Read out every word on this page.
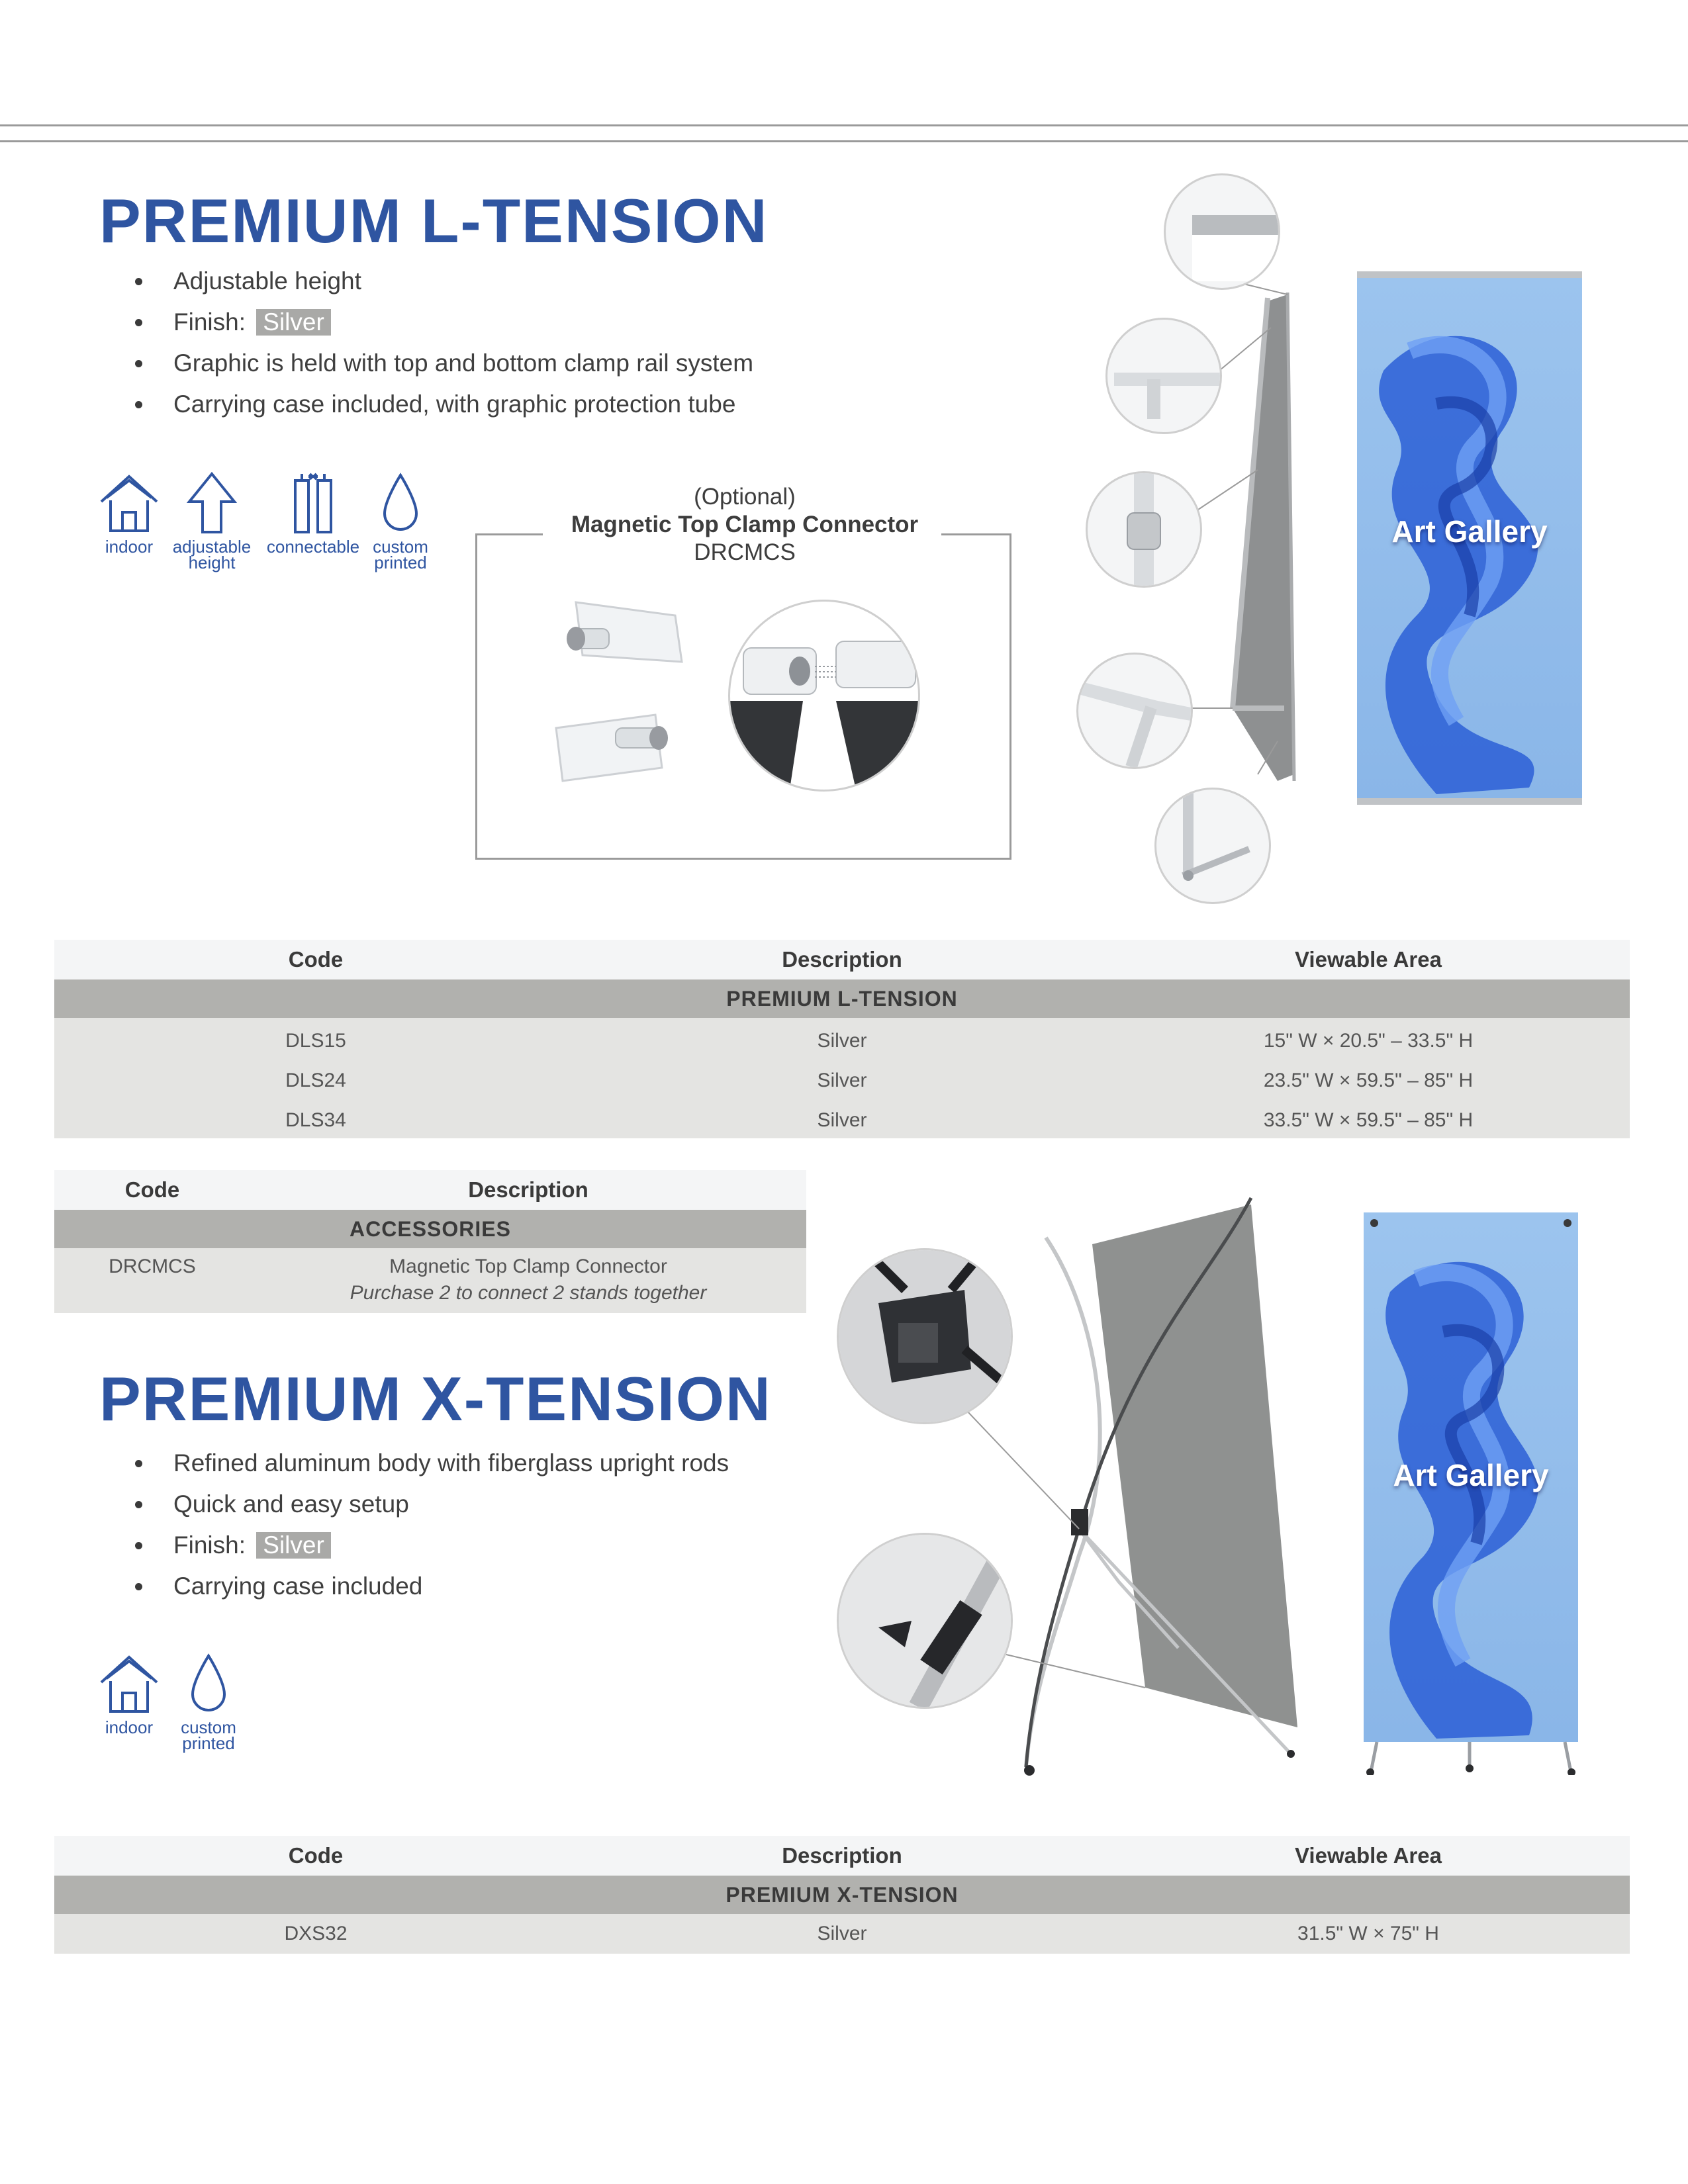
PREMIUM L-TENSION
Adjustable height
Finish: Silver
Graphic is held with top and bottom clamp rail system
Carrying case included, with graphic protection tube
indoor	adjustable
height
connectable custom
printed
(Optional)
Magnetic Top Clamp Connector
DRCMCS
Art Gallery
Code	Description	Viewable Area
PREMIUM L-TENSION
DLS15	Silver	15" W × 20.5" – 33.5" H
DLS24	Silver	23.5" W × 59.5" – 85" H
DLS34	Silver	33.5" W × 59.5" – 85" H
Code	Description
ACCESSORIES
DRCMCS	Magnetic Top Clamp Connector
Purchase 2 to connect 2 stands together
PREMIUM X-TENSION
Refined aluminum body with fiberglass upright rods
Quick and easy setup
Finish: Silver
Carrying case included
indoor	custom
printed
Art Gallery
Code	Description	Viewable Area
PREMIUM X-TENSION
DXS32	Silver	31.5" W × 75" H
